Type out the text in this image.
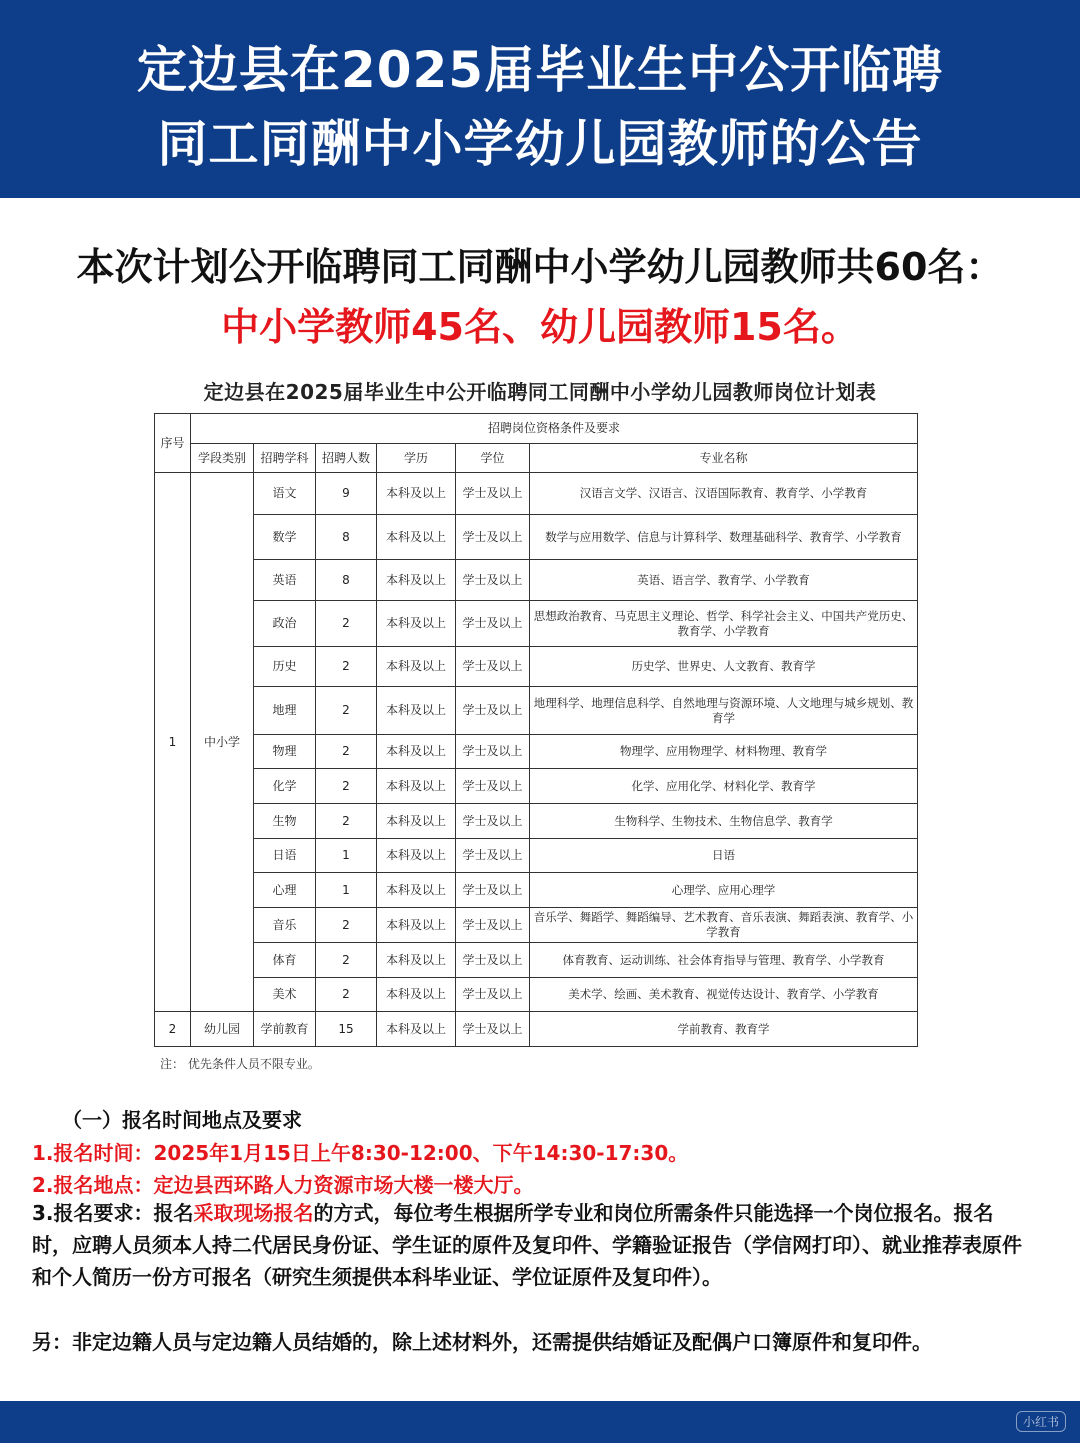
定边县在2025届毕业生中公开临聘
同工同酬中小学幼儿园教师的公告
本次计划公开临聘同工同酬中小学幼儿园教师共60名：
中小学教师45名、幼儿园教师15名。
定边县在2025届毕业生中公开临聘同工同酬中小学幼儿园教师岗位计划表
序号	招聘岗位资格条件及要求					
	学段类别	招聘学科	招聘人数	学历	学位	专业名称
1	中小学	语文	9	本科及以上	学士及以上	汉语言文学、汉语言、汉语国际教育、教育学、小学教育
		数学	8	本科及以上	学士及以上	数学与应用数学、信息与计算科学、数理基础科学、教育学、小学教育
		英语	8	本科及以上	学士及以上	英语、语言学、教育学、小学教育
		政治	2	本科及以上	学士及以上	思想政治教育、马克思主义理论、哲学、科学社会主义、中国共产党历史、教育学、小学教育
		历史	2	本科及以上	学士及以上	历史学、世界史、人文教育、教育学
		地理	2	本科及以上	学士及以上	地理科学、地理信息科学、自然地理与资源环境、人文地理与城乡规划、教育学
		物理	2	本科及以上	学士及以上	物理学、应用物理学、材料物理、教育学
		化学	2	本科及以上	学士及以上	化学、应用化学、材料化学、教育学
		生物	2	本科及以上	学士及以上	生物科学、生物技术、生物信息学、教育学
		日语	1	本科及以上	学士及以上	日语
		心理	1	本科及以上	学士及以上	心理学、应用心理学
		音乐	2	本科及以上	学士及以上	音乐学、舞蹈学、舞蹈编导、艺术教育、音乐表演、舞蹈表演、教育学、小学教育
		体育	2	本科及以上	学士及以上	体育教育、运动训练、社会体育指导与管理、教育学、小学教育
		美术	2	本科及以上	学士及以上	美术学、绘画、美术教育、视觉传达设计、教育学、小学教育
2	幼儿园	学前教育	15	本科及以上	学士及以上	学前教育、教育学
注： 优先条件人员不限专业。
（一）报名时间地点及要求
1.报名时间：2025年1月15日上午8:30-12:00、下午14:30-17:30。
2.报名地点：定边县西环路人力资源市场大楼一楼大厅。
3.报名要求：报名采取现场报名的方式，每位考生根据所学专业和岗位所需条件只能选择一个岗位报名。报名时，应聘人员须本人持二代居民身份证、学生证的原件及复印件、学籍验证报告（学信网打印）、就业推荐表原件和个人简历一份方可报名（研究生须提供本科毕业证、学位证原件及复印件）。
另：非定边籍人员与定边籍人员结婚的，除上述材料外，还需提供结婚证及配偶户口簿原件和复印件。
小红书
